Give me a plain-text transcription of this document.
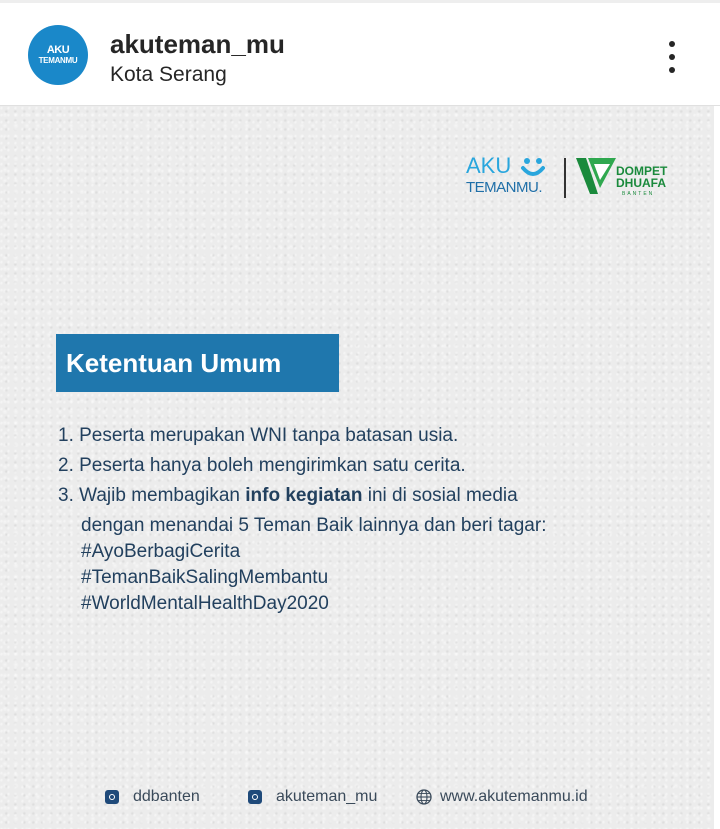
AKU
TEMANMU
akuteman_mu
Kota Serang
AKU
TEMANMU.
DOMPET
DHUAFA
BANTEN
Ketentuan Umum
1. Peserta merupakan WNI tanpa batasan usia.
2. Peserta hanya boleh mengirimkan satu cerita.
3. Wajib membagikan info kegiatan ini di sosial media
dengan menandai 5 Teman Baik lainnya dan beri tagar:
#AyoBerbagiCerita
#TemanBaikSalingMembantu
#WorldMentalHealthDay2020
ddbanten	akuteman_mu	www.akutemanmu.id
